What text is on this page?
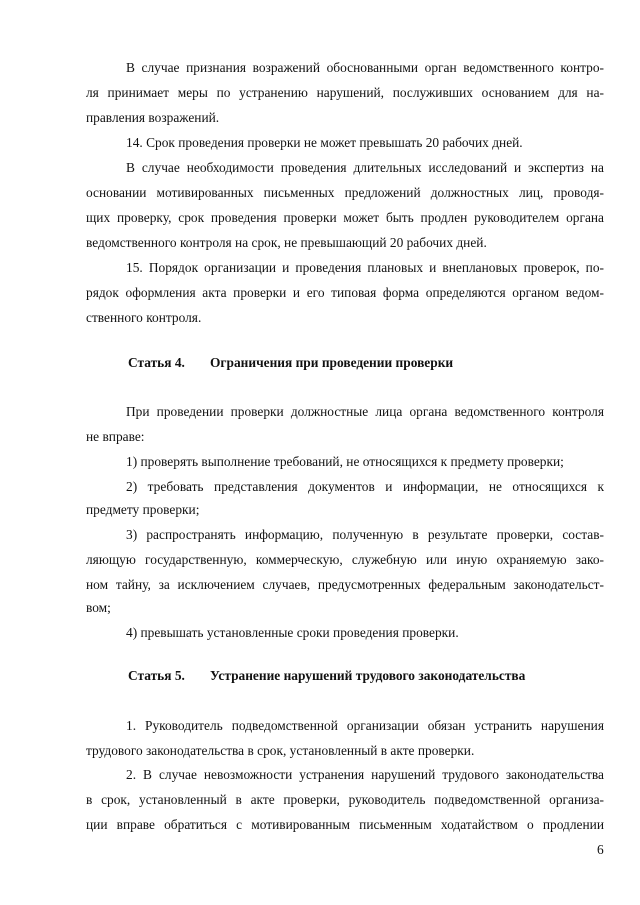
В случае признания возражений обоснованными орган ведомственного контро-
ля принимает меры по устранению нарушений, послуживших основанием для на-
правления возражений.
14. Срок проведения проверки не может превышать 20 рабочих дней.
В случае необходимости проведения длительных исследований и экспертиз на
основании мотивированных письменных предложений должностных лиц, проводя-
щих проверку, срок проведения проверки может быть продлен руководителем органа
ведомственного контроля на срок, не превышающий 20 рабочих дней.
15. Порядок организации и проведения плановых и внеплановых проверок, по-
рядок оформления акта проверки и его типовая форма определяются органом ведом-
ственного контроля.
Статья 4. Ограничения при проведении проверки
При проведении проверки должностные лица органа ведомственного контроля
не вправе:
1) проверять выполнение требований, не относящихся к предмету проверки;
2) требовать представления документов и информации, не относящихся к
предмету проверки;
3) распространять информацию, полученную в результате проверки, состав-
ляющую государственную, коммерческую, служебную или иную охраняемую зако-
ном тайну, за исключением случаев, предусмотренных федеральным законодательст-
вом;
4) превышать установленные сроки проведения проверки.
Статья 5. Устранение нарушений трудового законодательства
1. Руководитель подведомственной организации обязан устранить нарушения
трудового законодательства в срок, установленный в акте проверки.
2. В случае невозможности устранения нарушений трудового законодательства
в срок, установленный в акте проверки, руководитель подведомственной организа-
ции вправе обратиться с мотивированным письменным ходатайством о продлении
6
